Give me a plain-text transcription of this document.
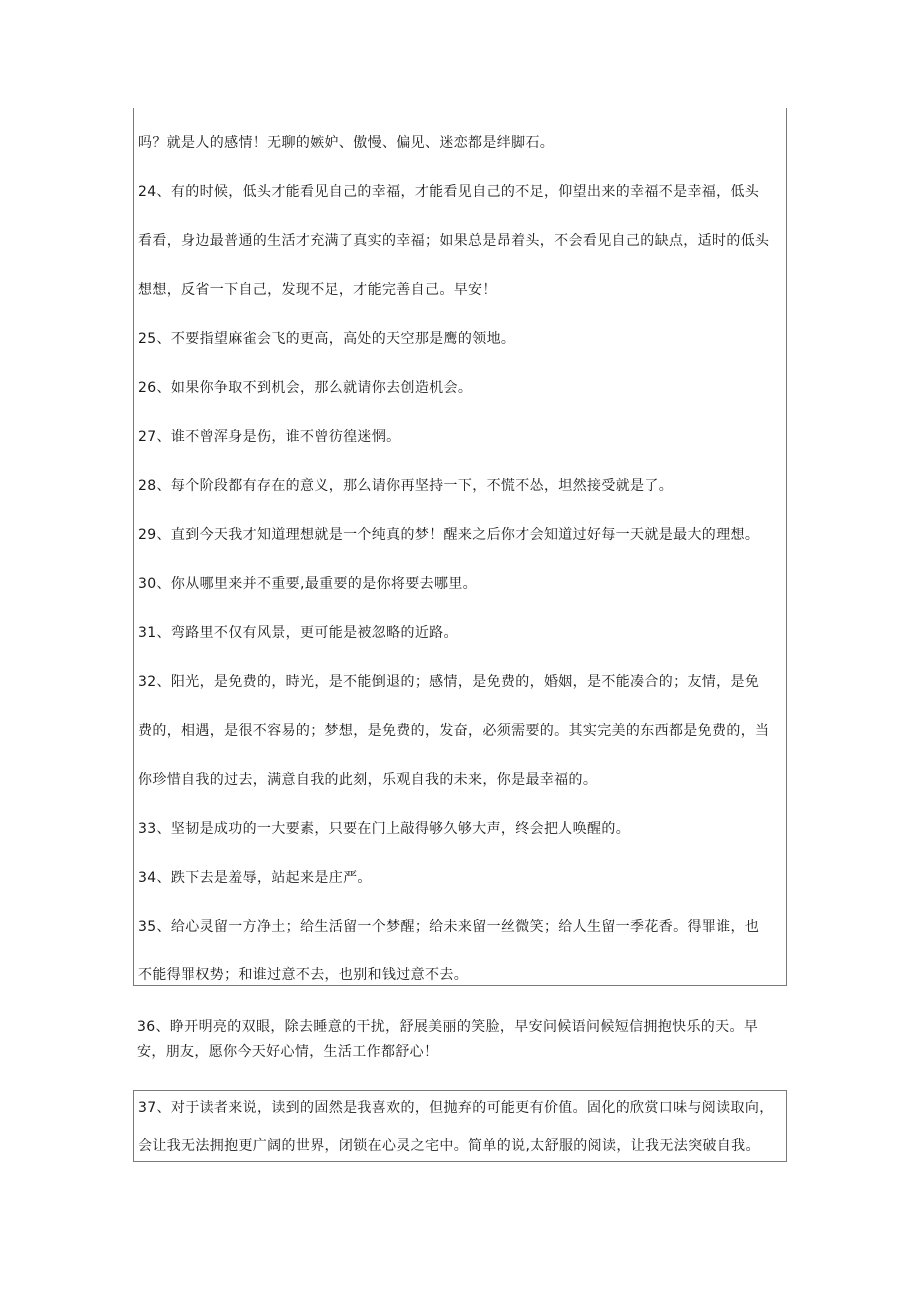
吗？就是人的感情！无聊的嫉妒、傲慢、偏见、迷恋都是绊脚石。
24、有的时候，低头才能看见自己的幸福，才能看见自己的不足，仰望出来的幸福不是幸福，低头
看看，身边最普通的生活才充满了真实的幸福；如果总是昂着头，不会看见自己的缺点，适时的低头
想想，反省一下自己，发现不足，才能完善自己。早安！
25、不要指望麻雀会飞的更高，高处的天空那是鹰的领地。
26、如果你争取不到机会，那么就请你去创造机会。
27、谁不曾浑身是伤，谁不曾彷徨迷惘。
28、每个阶段都有存在的意义，那么请你再坚持一下，不慌不怂，坦然接受就是了。
29、直到今天我才知道理想就是一个纯真的梦！醒来之后你才会知道过好每一天就是最大的理想。
30、你从哪里来并不重要,最重要的是你将要去哪里。
31、弯路里不仅有风景，更可能是被忽略的近路。
32、阳光，是免费的，時光，是不能倒退的；感情，是免费的，婚姻，是不能凑合的；友情，是免
费的，相遇，是很不容易的；梦想，是免费的，发奋，必须需要的。其实完美的东西都是免费的，当
你珍惜自我的过去，满意自我的此刻，乐观自我的未来，你是最幸福的。
33、坚韧是成功的一大要素，只要在门上敲得够久够大声，终会把人唤醒的。
34、跌下去是羞辱，站起来是庄严。
35、给心灵留一方净土；给生活留一个梦醒；给未来留一丝微笑；给人生留一季花香。得罪谁，也
不能得罪权势；和谁过意不去，也别和钱过意不去。
36、睁开明亮的双眼，除去睡意的干扰，舒展美丽的笑脸，早安问候语问候短信拥抱快乐的天。早
安，朋友，愿你今天好心情，生活工作都舒心！
37、对于读者来说，读到的固然是我喜欢的，但抛弃的可能更有价值。固化的欣赏口味与阅读取向，
会让我无法拥抱更广阔的世界，闭锁在心灵之宅中。简单的说,太舒服的阅读，让我无法突破自我。
